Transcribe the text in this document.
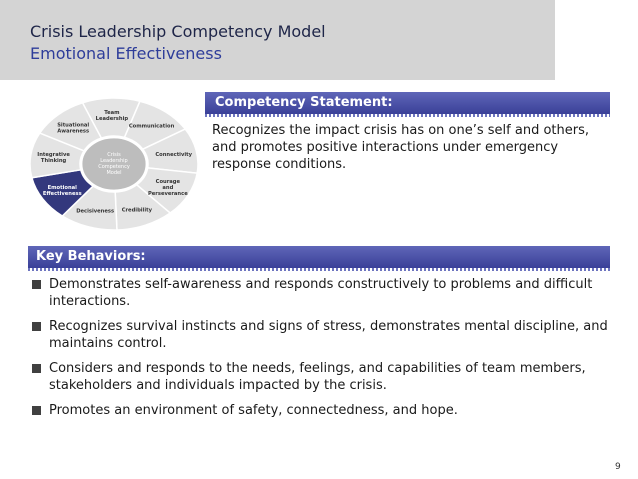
Crisis Leadership Competency Model
Emotional Effectiveness
Crisis Leadership Competency Model
Team Leadership
Communication
Connectivity
Courage and Perseverance
Credibility
Decisiveness
Emotional Effectiveness
Integrative Thinking
Situational Awareness
Competency Statement:
Recognizes the impact crisis has on one’s self and others, and promotes positive interactions under emergency response conditions.
Key Behaviors:
Demonstrates self-awareness and responds constructively to problems and difficult interactions.
Recognizes survival instincts and signs of stress, demonstrates mental discipline, and maintains control.
Considers and responds to the needs, feelings, and capabilities of team members, stakeholders and individuals impacted by the crisis.
Promotes an environment of safety, connectedness, and hope.
9
